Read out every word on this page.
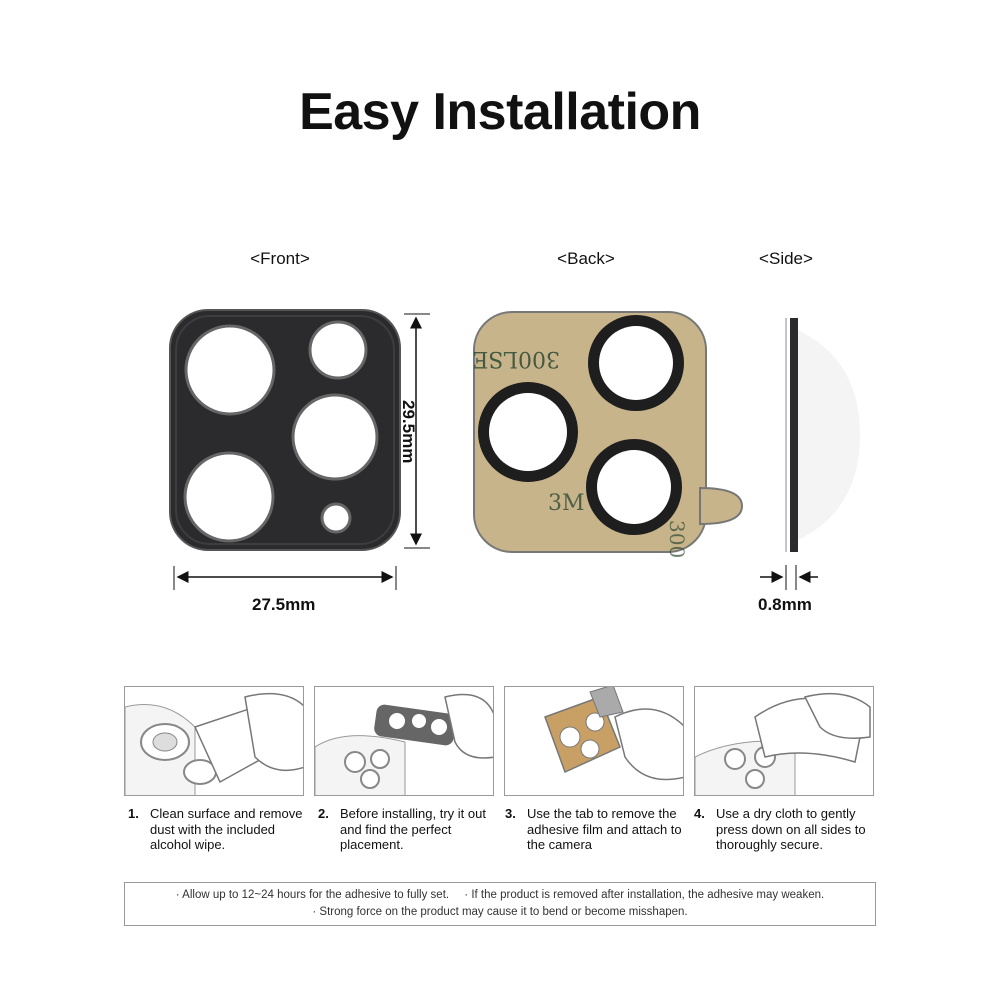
Easy Installation
<Front>	<Back>	<Side>
300LSE
3M
300
27.5mm
29.5mm
0.8mm
1. Clean surface and remove dust with the included alcohol wipe.
2. Before installing, try it out and find the perfect placement.
3. Use the tab to remove the adhesive film and attach to the camera
4. Use a dry cloth to gently press down on all sides to thoroughly secure.
· Allow up to 12~24 hours for the adhesive to fully set. · If the product is removed after installation, the adhesive may weaken.
· Strong force on the product may cause it to bend or become misshapen.
